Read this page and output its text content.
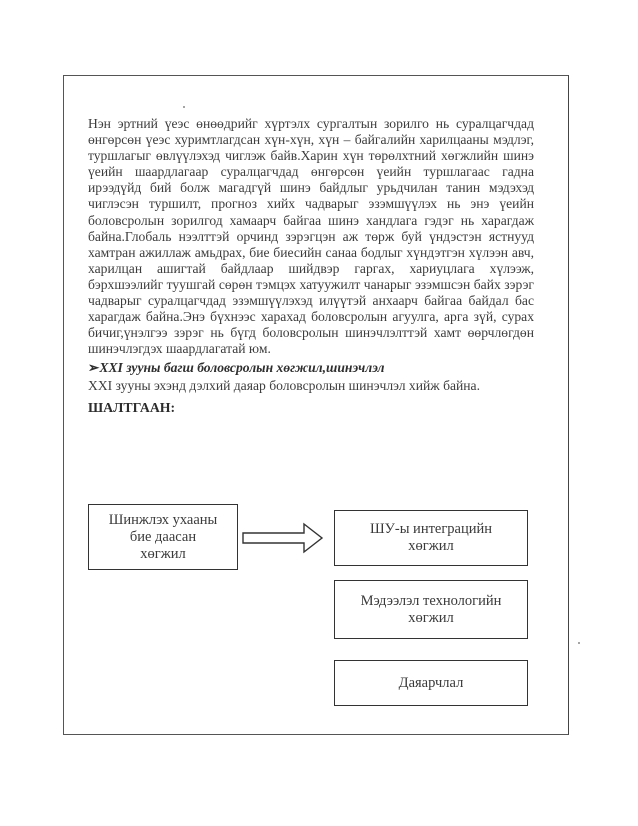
Нэн эртний үеэс өнөөдрийг хүртэлх сургалтын зорилго нь суралцагчдад өнгөрсөн үеэс хуримтлагдсан хүн-хүн, хүн – байгалийн харилцааны мэдлэг, туршлагыг өвлүүлэхэд чиглэж байв.Харин хүн төрөлхтний хөгжлийн шинэ үеийн шаардлагаар суралцагчдад өнгөрсөн үеийн туршлагаас гадна ирээдүйд бий болж магадгүй шинэ байдлыг урьдчилан танин мэдэхэд чиглэсэн туршилт, прогноз хийх чадварыг эзэмшүүлэх нь энэ үеийн боловсролын зорилгод хамаарч байгаа шинэ хандлага гэдэг нь харагдаж байна.Глобаль нээлттэй орчинд зэрэгцэн аж төрж буй үндэстэн ястнууд хамтран ажиллаж амьдрах, бие биесийн санаа бодлыг хүндэтгэн хүлээн авч, харилцан ашигтай байдлаар шийдвэр гаргах, хариуцлага хүлээж, бэрхшээлийг туушгай сөрөн тэмцэх хатуужилт чанарыг эзэмшсэн байх зэрэг чадварыг суралцагчдад эзэмшүүлэхэд илүүтэй анхаарч байгаа байдал бас харагдаж байна.Энэ бүхнээс харахад боловсролын агуулга, арга зүй, сурах бичиг,үнэлгээ зэрэг нь бүгд боловсролын шинэчлэлттэй хамт өөрчлөгдөн шинэчлэгдэх шаардлагатай юм.

➢XXI зууны багш боловсролын хөгжил,шинэчлэл

XXI зууны эхэнд дэлхий даяар боловсролын шинэчлэл хийж байна.

ШАЛТГААН:

Шинжлэх ухааны
бие даасан
хөгжил
ШУ-ы интеграцийн
хөгжил
Мэдээлэл технологийн
хөгжил
Даяарчлал
